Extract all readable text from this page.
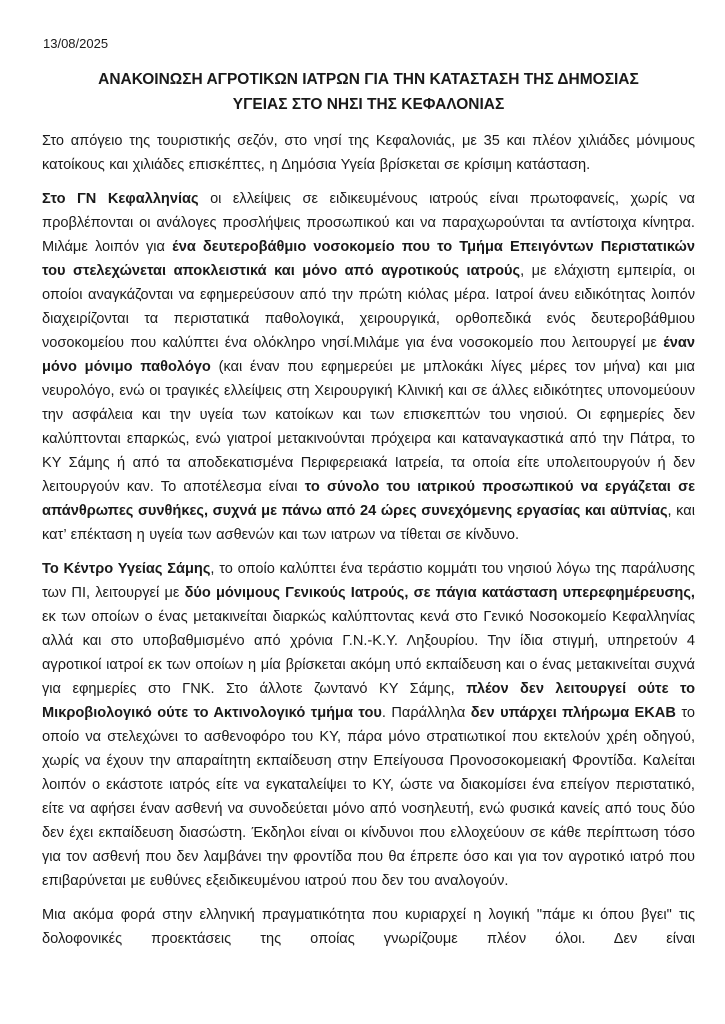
13/08/2025
ΑΝΑΚΟΙΝΩΣΗ ΑΓΡΟΤΙΚΩΝ ΙΑΤΡΩΝ ΓΙΑ ΤΗΝ ΚΑΤΑΣΤΑΣΗ ΤΗΣ ΔΗΜΟΣΙΑΣ
ΥΓΕΙΑΣ ΣΤΟ ΝΗΣΙ ΤΗΣ ΚΕΦΑΛΟΝΙΑΣ

Στο απόγειο της τουριστικής σεζόν, στο νησί της Κεφαλονιάς, με 35 και πλέον χιλιάδες μόνιμους κατοίκους και χιλιάδες επισκέπτες, η Δημόσια Υγεία βρίσκεται σε κρίσιμη κατάσταση.

Στο ΓΝ Κεφαλληνίας οι ελλείψεις σε ειδικευμένους ιατρούς είναι πρωτοφανείς, χωρίς να προβλέπονται οι ανάλογες προσλήψεις προσωπικού και να παραχωρούνται τα αντίστοιχα κίνητρα. Μιλάμε λοιπόν για ένα δευτεροβάθμιο νοσοκομείο που το Τμήμα Επειγόντων Περιστατικών του στελεχώνεται αποκλειστικά και μόνο από αγροτικούς ιατρούς, με ελάχιστη εμπειρία, οι οποίοι αναγκάζονται να εφημερεύσουν από την πρώτη κιόλας μέρα. Ιατροί άνευ ειδικότητας λοιπόν διαχειρίζονται τα περιστατικά παθολογικά, χειρουργικά, ορθοπεδικά ενός δευτεροβάθμιου νοσοκομείου που καλύπτει ένα ολόκληρο νησί.Μιλάμε για ένα νοσοκομείο που λειτουργεί με έναν μόνο μόνιμο παθολόγο (και έναν που εφημερεύει με μπλοκάκι λίγες μέρες τον μήνα) και μια νευρολόγο, ενώ οι τραγικές ελλείψεις στη Χειρουργική Κλινική και σε άλλες ειδικότητες υπονομεύουν την ασφάλεια και την υγεία των κατοίκων και των επισκεπτών του νησιού. Οι εφημερίες δεν καλύπτονται επαρκώς, ενώ γιατροί μετακινούνται πρόχειρα και καταναγκαστικά από την Πάτρα, το ΚΥ Σάμης ή από τα αποδεκατισμένα Περιφερειακά Ιατρεία, τα οποία είτε υπολειτουργούν ή δεν λειτουργούν καν. Το αποτέλεσμα είναι το σύνολο του ιατρικού προσωπικού να εργάζεται σε απάνθρωπες συνθήκες, συχνά με πάνω από 24 ώρες συνεχόμενης εργασίας και αϋπνίας, και κατ’ επέκταση η υγεία των ασθενών και των ιατρων να τίθεται σε κίνδυνο.

Το Κέντρο Υγείας Σάμης, το οποίο καλύπτει ένα τεράστιο κομμάτι του νησιού λόγω της παράλυσης των ΠΙ, λειτουργεί με δύο μόνιμους Γενικούς Ιατρούς, σε πάγια κατάσταση υπερεφημέρευσης, εκ των οποίων ο ένας μετακινείται διαρκώς καλύπτοντας κενά στο Γενικό Νοσοκομείο Κεφαλληνίας αλλά και στο υποβαθμισμένο από χρόνια Γ.Ν.-Κ.Υ. Ληξουρίου. Την ίδια στιγμή, υπηρετούν 4 αγροτικοί ιατροί εκ των οποίων η μία βρίσκεται ακόμη υπό εκπαίδευση και ο ένας μετακινείται συχνά για εφημερίες στο ΓΝΚ. Στο άλλοτε ζωντανό ΚΥ Σάμης, πλέον δεν λειτουργεί ούτε το Μικροβιολογικό ούτε το Ακτινολογικό τμήμα του. Παράλληλα δεν υπάρχει πλήρωμα ΕΚΑΒ το οποίο να στελεχώνει το ασθενοφόρο του ΚΥ, πάρα μόνο στρατιωτικοί που εκτελούν χρέη οδηγού, χωρίς να έχουν την απαραίτητη εκπαίδευση στην Επείγουσα Προνοσοκομειακή Φροντίδα. Καλείται λοιπόν ο εκάστοτε ιατρός είτε να εγκαταλείψει το ΚΥ, ώστε να διακομίσει ένα επείγον περιστατικό, είτε να αφήσει έναν ασθενή να συνοδεύεται μόνο από νοσηλευτή, ενώ φυσικά κανείς από τους δύο δεν έχει εκπαίδευση διασώστη. Έκδηλοι είναι οι κίνδυνοι που ελλοχεύουν σε κάθε περίπτωση τόσο για τον ασθενή που δεν λαμβάνει την φροντίδα που θα έπρεπε όσο και για τον αγροτικό ιατρό που επιβαρύνεται με ευθύνες εξειδικευμένου ιατρού που δεν του αναλογούν.

Μια ακόμα φορά στην ελληνική πραγματικότητα που κυριαρχεί η λογική "πάμε κι όπου βγει" τις δολοφονικές προεκτάσεις της οποίας γνωρίζουμε πλέον όλοι. Δεν είναι
